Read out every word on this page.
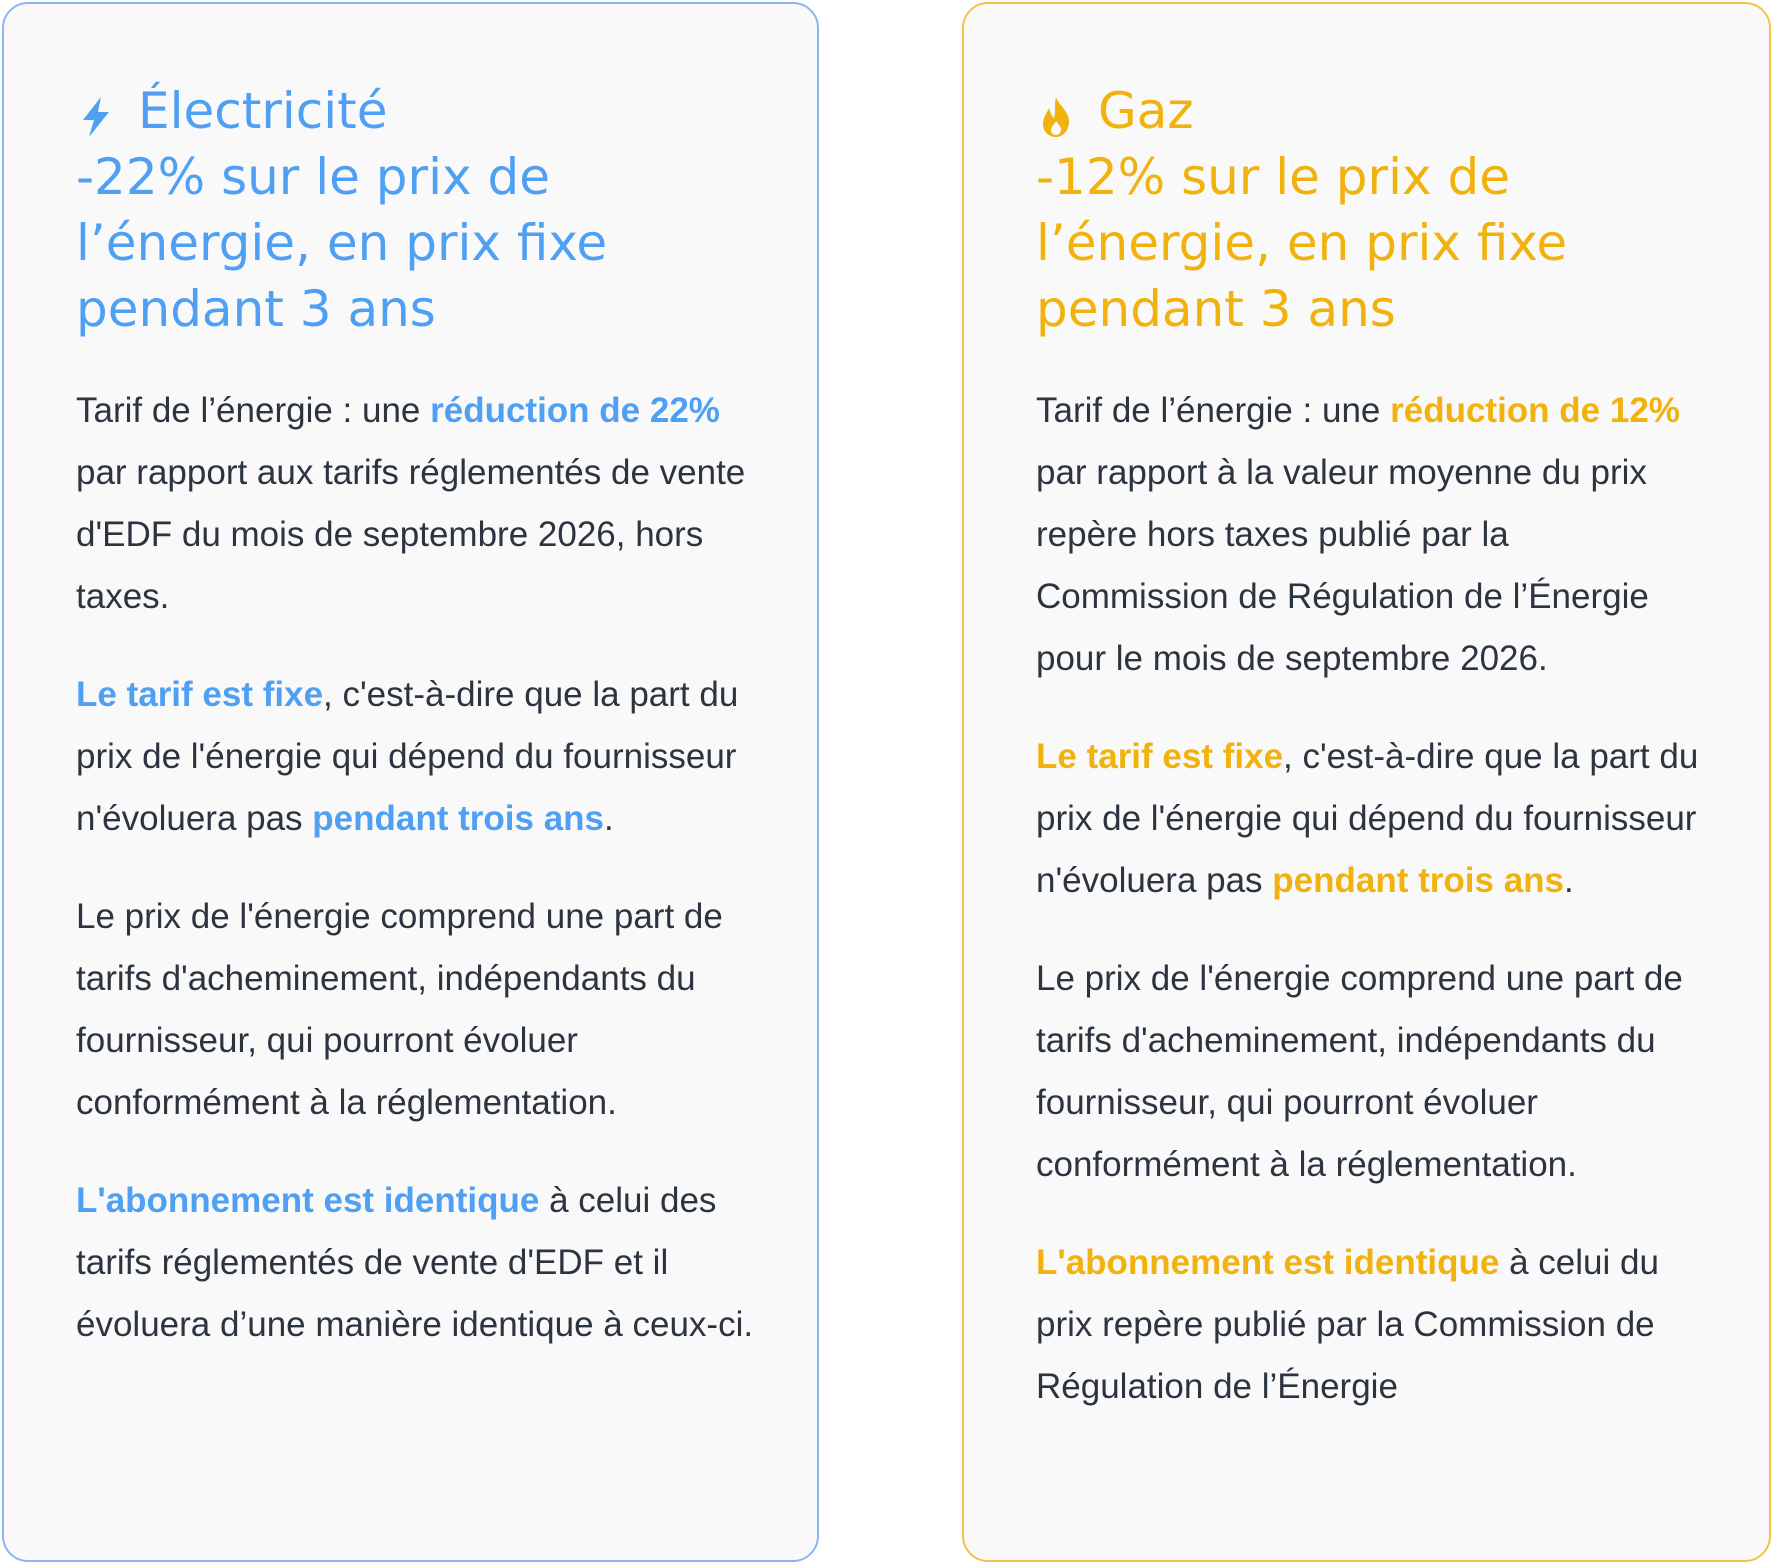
Électricité
-22% sur le prix de l’énergie, en prix fixe pendant 3 ans

Tarif de l’énergie : une réduction de 22% par rapport aux tarifs réglementés de vente d'EDF du mois de septembre 2026, hors taxes.

Le tarif est fixe, c'est-à-dire que la part du prix de l'énergie qui dépend du fournisseur n'évoluera pas pendant trois ans.

Le prix de l'énergie comprend une part de tarifs d'acheminement, indépendants du fournisseur, qui pourront évoluer conformément à la réglementation.

L'abonnement est identique à celui des tarifs réglementés de vente d'EDF et il évoluera d’une manière identique à ceux-ci.

Gaz
-12% sur le prix de l’énergie, en prix fixe pendant 3 ans

Tarif de l’énergie : une réduction de 12% par rapport à la valeur moyenne du prix repère hors taxes publié par la Commission de Régulation de l’Énergie pour le mois de septembre 2026.

Le tarif est fixe, c'est-à-dire que la part du prix de l'énergie qui dépend du fournisseur n'évoluera pas pendant trois ans.

Le prix de l'énergie comprend une part de tarifs d'acheminement, indépendants du fournisseur, qui pourront évoluer conformément à la réglementation.

L'abonnement est identique à celui du prix repère publié par la Commission de Régulation de l’Énergie
